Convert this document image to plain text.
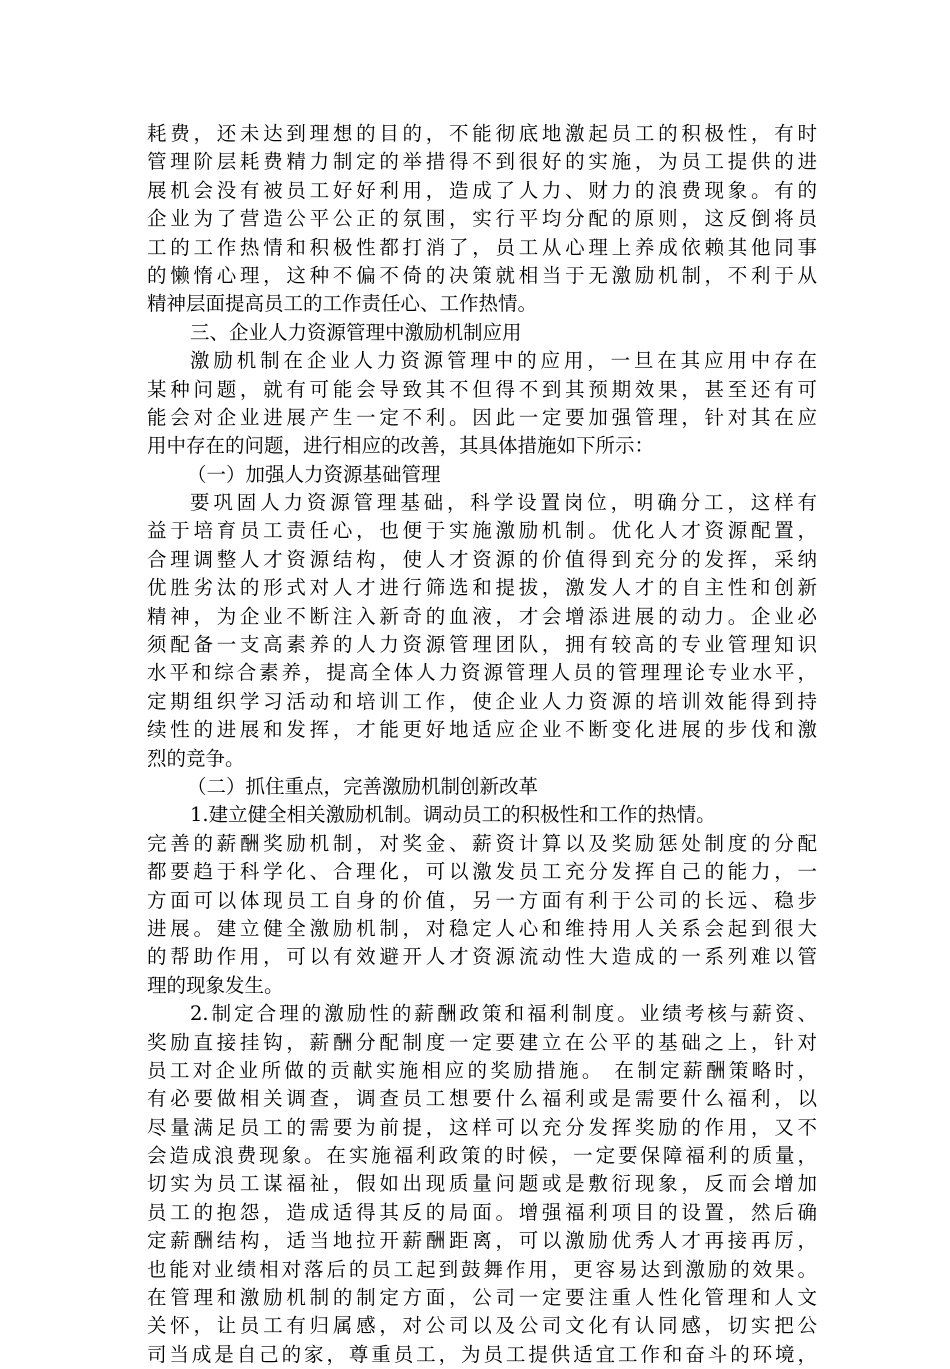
耗费，还未达到理想的目的，不能彻底地激起员工的积极性，有时
管理阶层耗费精力制定的举措得不到很好的实施，为员工提供的进
展机会没有被员工好好利用，造成了人力、财力的浪费现象。有的
企业为了营造公平公正的氛围，实行平均分配的原则，这反倒将员
工的工作热情和积极性都打消了，员工从心理上养成依赖其他同事
的懒惰心理，这种不偏不倚的决策就相当于无激励机制，不利于从
精神层面提高员工的工作责任心、工作热情。
三、企业人力资源管理中激励机制应用
激励机制在企业人力资源管理中的应用，一旦在其应用中存在
某种问题，就有可能会导致其不但得不到其预期效果，甚至还有可
能会对企业进展产生一定不利。因此一定要加强管理，针对其在应
用中存在的问题，进行相应的改善，其具体措施如下所示：
（一）加强人力资源基础管理
要巩固人力资源管理基础，科学设置岗位，明确分工，这样有
益于培育员工责任心，也便于实施激励机制。优化人才资源配置，
合理调整人才资源结构，使人才资源的价值得到充分的发挥，采纳
优胜劣汰的形式对人才进行筛选和提拔，激发人才的自主性和创新
精神，为企业不断注入新奇的血液，才会增添进展的动力。企业必
须配备一支高素养的人力资源管理团队，拥有较高的专业管理知识
水平和综合素养，提高全体人力资源管理人员的管理理论专业水平，
定期组织学习活动和培训工作，使企业人力资源的培训效能得到持
续性的进展和发挥，才能更好地适应企业不断变化进展的步伐和激
烈的竞争。
（二）抓住重点，完善激励机制创新改革
1.建立健全相关激励机制。调动员工的积极性和工作的热情。
完善的薪酬奖励机制，对奖金、薪资计算以及奖励惩处制度的分配
都要趋于科学化、合理化，可以激发员工充分发挥自己的能力，一
方面可以体现员工自身的价值，另一方面有利于公司的长远、稳步
进展。建立健全激励机制，对稳定人心和维持用人关系会起到很大
的帮助作用，可以有效避开人才资源流动性大造成的一系列难以管
理的现象发生。
2.制定合理的激励性的薪酬政策和福利制度。业绩考核与薪资、
奖励直接挂钩，薪酬分配制度一定要建立在公平的基础之上，针对
员工对企业所做的贡献实施相应的奖励措施。 在制定薪酬策略时，
有必要做相关调查，调查员工想要什么福利或是需要什么福利，以
尽量满足员工的需要为前提，这样可以充分发挥奖励的作用，又不
会造成浪费现象。在实施福利政策的时候，一定要保障福利的质量，
切实为员工谋福祉，假如出现质量问题或是敷衍现象，反而会增加
员工的抱怨，造成适得其反的局面。增强福利项目的设置，然后确
定薪酬结构，适当地拉开薪酬距离，可以激励优秀人才再接再厉，
也能对业绩相对落后的员工起到鼓舞作用，更容易达到激励的效果。
在管理和激励机制的制定方面，公司一定要注重人性化管理和人文
关怀，让员工有归属感，对公司以及公司文化有认同感，切实把公
司当成是自己的家，尊重员工，为员工提供适宜工作和奋斗的环境，
